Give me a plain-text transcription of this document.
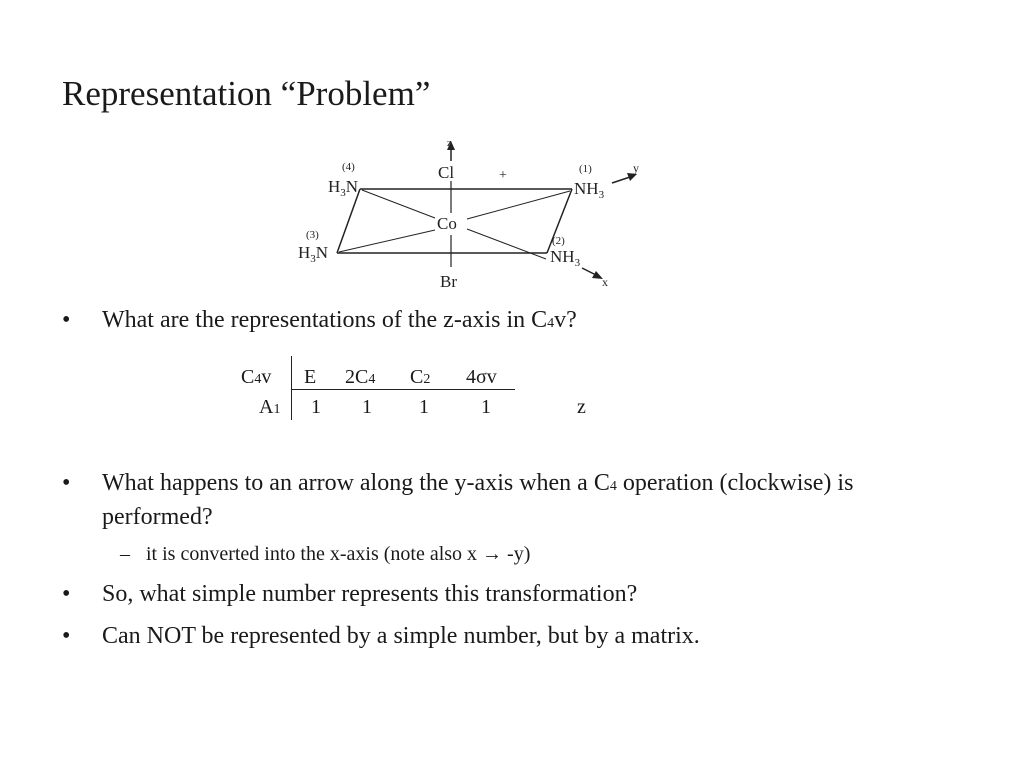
Representation “Problem”
z
Cl	+
Co
Br
(4)
$H_3N$
(1)
$NH_3$
y
(3)
$H_3N$
(2)
$NH_3$
x
• What are the representations of the z-axis in C4v?
C4v E 2C4 C2 4σv
A1 1 1 1	1	z
• What happens to an arrow along the y-axis when a C4 operation (clockwise) is
performed?
– it is converted into the x-axis (note also x → -y)
• So, what simple number represents this transformation?
• Can NOT be represented by a simple number, but by a matrix.
